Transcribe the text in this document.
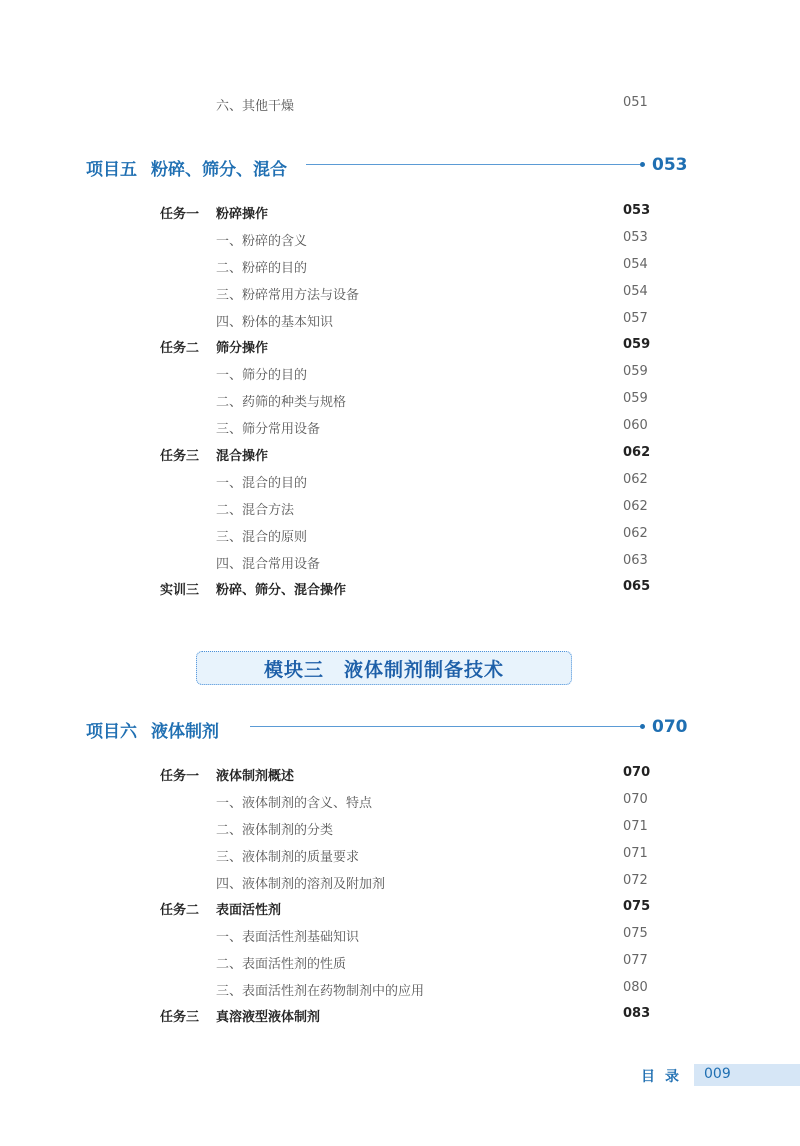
六、其他干燥	051
项目五 粉碎、筛分、混合	053
任务一 粉碎操作	053
一、粉碎的含义	053
二、粉碎的目的	054
三、粉碎常用方法与设备	054
四、粉体的基本知识	057
任务二 筛分操作	059
一、筛分的目的	059
二、药筛的种类与规格	059
三、筛分常用设备	060
任务三 混合操作	062
一、混合的目的	062
二、混合方法	062
三、混合的原则	062
四、混合常用设备	063
实训三 粉碎、筛分、混合操作	065
模块三　液体制剂制备技术
项目六 液体制剂	070
任务一 液体制剂概述	070
一、液体制剂的含义、特点	070
二、液体制剂的分类	071
三、液体制剂的质量要求	071
四、液体制剂的溶剂及附加剂	072
任务二 表面活性剂	075
一、表面活性剂基础知识	075
二、表面活性剂的性质	077
三、表面活性剂在药物制剂中的应用	080
任务三 真溶液型液体制剂	083
目录 009
